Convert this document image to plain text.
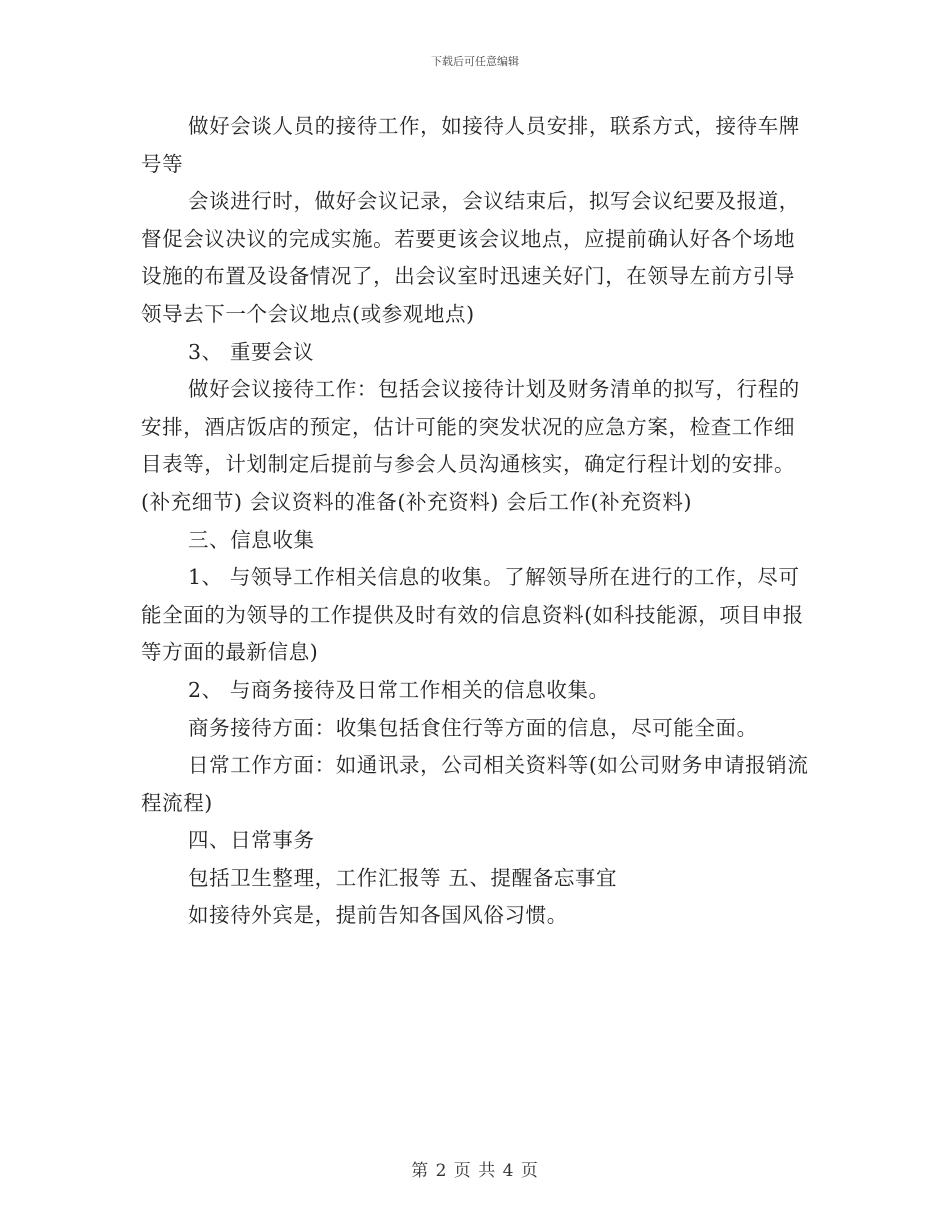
下载后可任意编辑

做好会谈人员的接待工作，如接待人员安排，联系方式，接待车牌号等

会谈进行时，做好会议记录，会议结束后，拟写会议纪要及报道，督促会议决议的完成实施。若要更该会议地点，应提前确认好各个场地设施的布置及设备情况了，出会议室时迅速关好门，在领导左前方引导领导去下一个会议地点(或参观地点)

3、 重要会议

做好会议接待工作：包括会议接待计划及财务清单的拟写，行程的安排，酒店饭店的预定，估计可能的突发状况的应急方案，检查工作细目表等，计划制定后提前与参会人员沟通核实，确定行程计划的安排。(补充细节) 会议资料的准备(补充资料) 会后工作(补充资料)

三、信息收集

1、 与领导工作相关信息的收集。了解领导所在进行的工作，尽可能全面的为领导的工作提供及时有效的信息资料(如科技能源，项目申报等方面的最新信息)

2、 与商务接待及日常工作相关的信息收集。

商务接待方面：收集包括食住行等方面的信息，尽可能全面。

日常工作方面：如通讯录，公司相关资料等(如公司财务申请报销流程流程)

四、日常事务

包括卫生整理，工作汇报等 五、提醒备忘事宜

如接待外宾是，提前告知各国风俗习惯。

第 2 页 共 4 页
